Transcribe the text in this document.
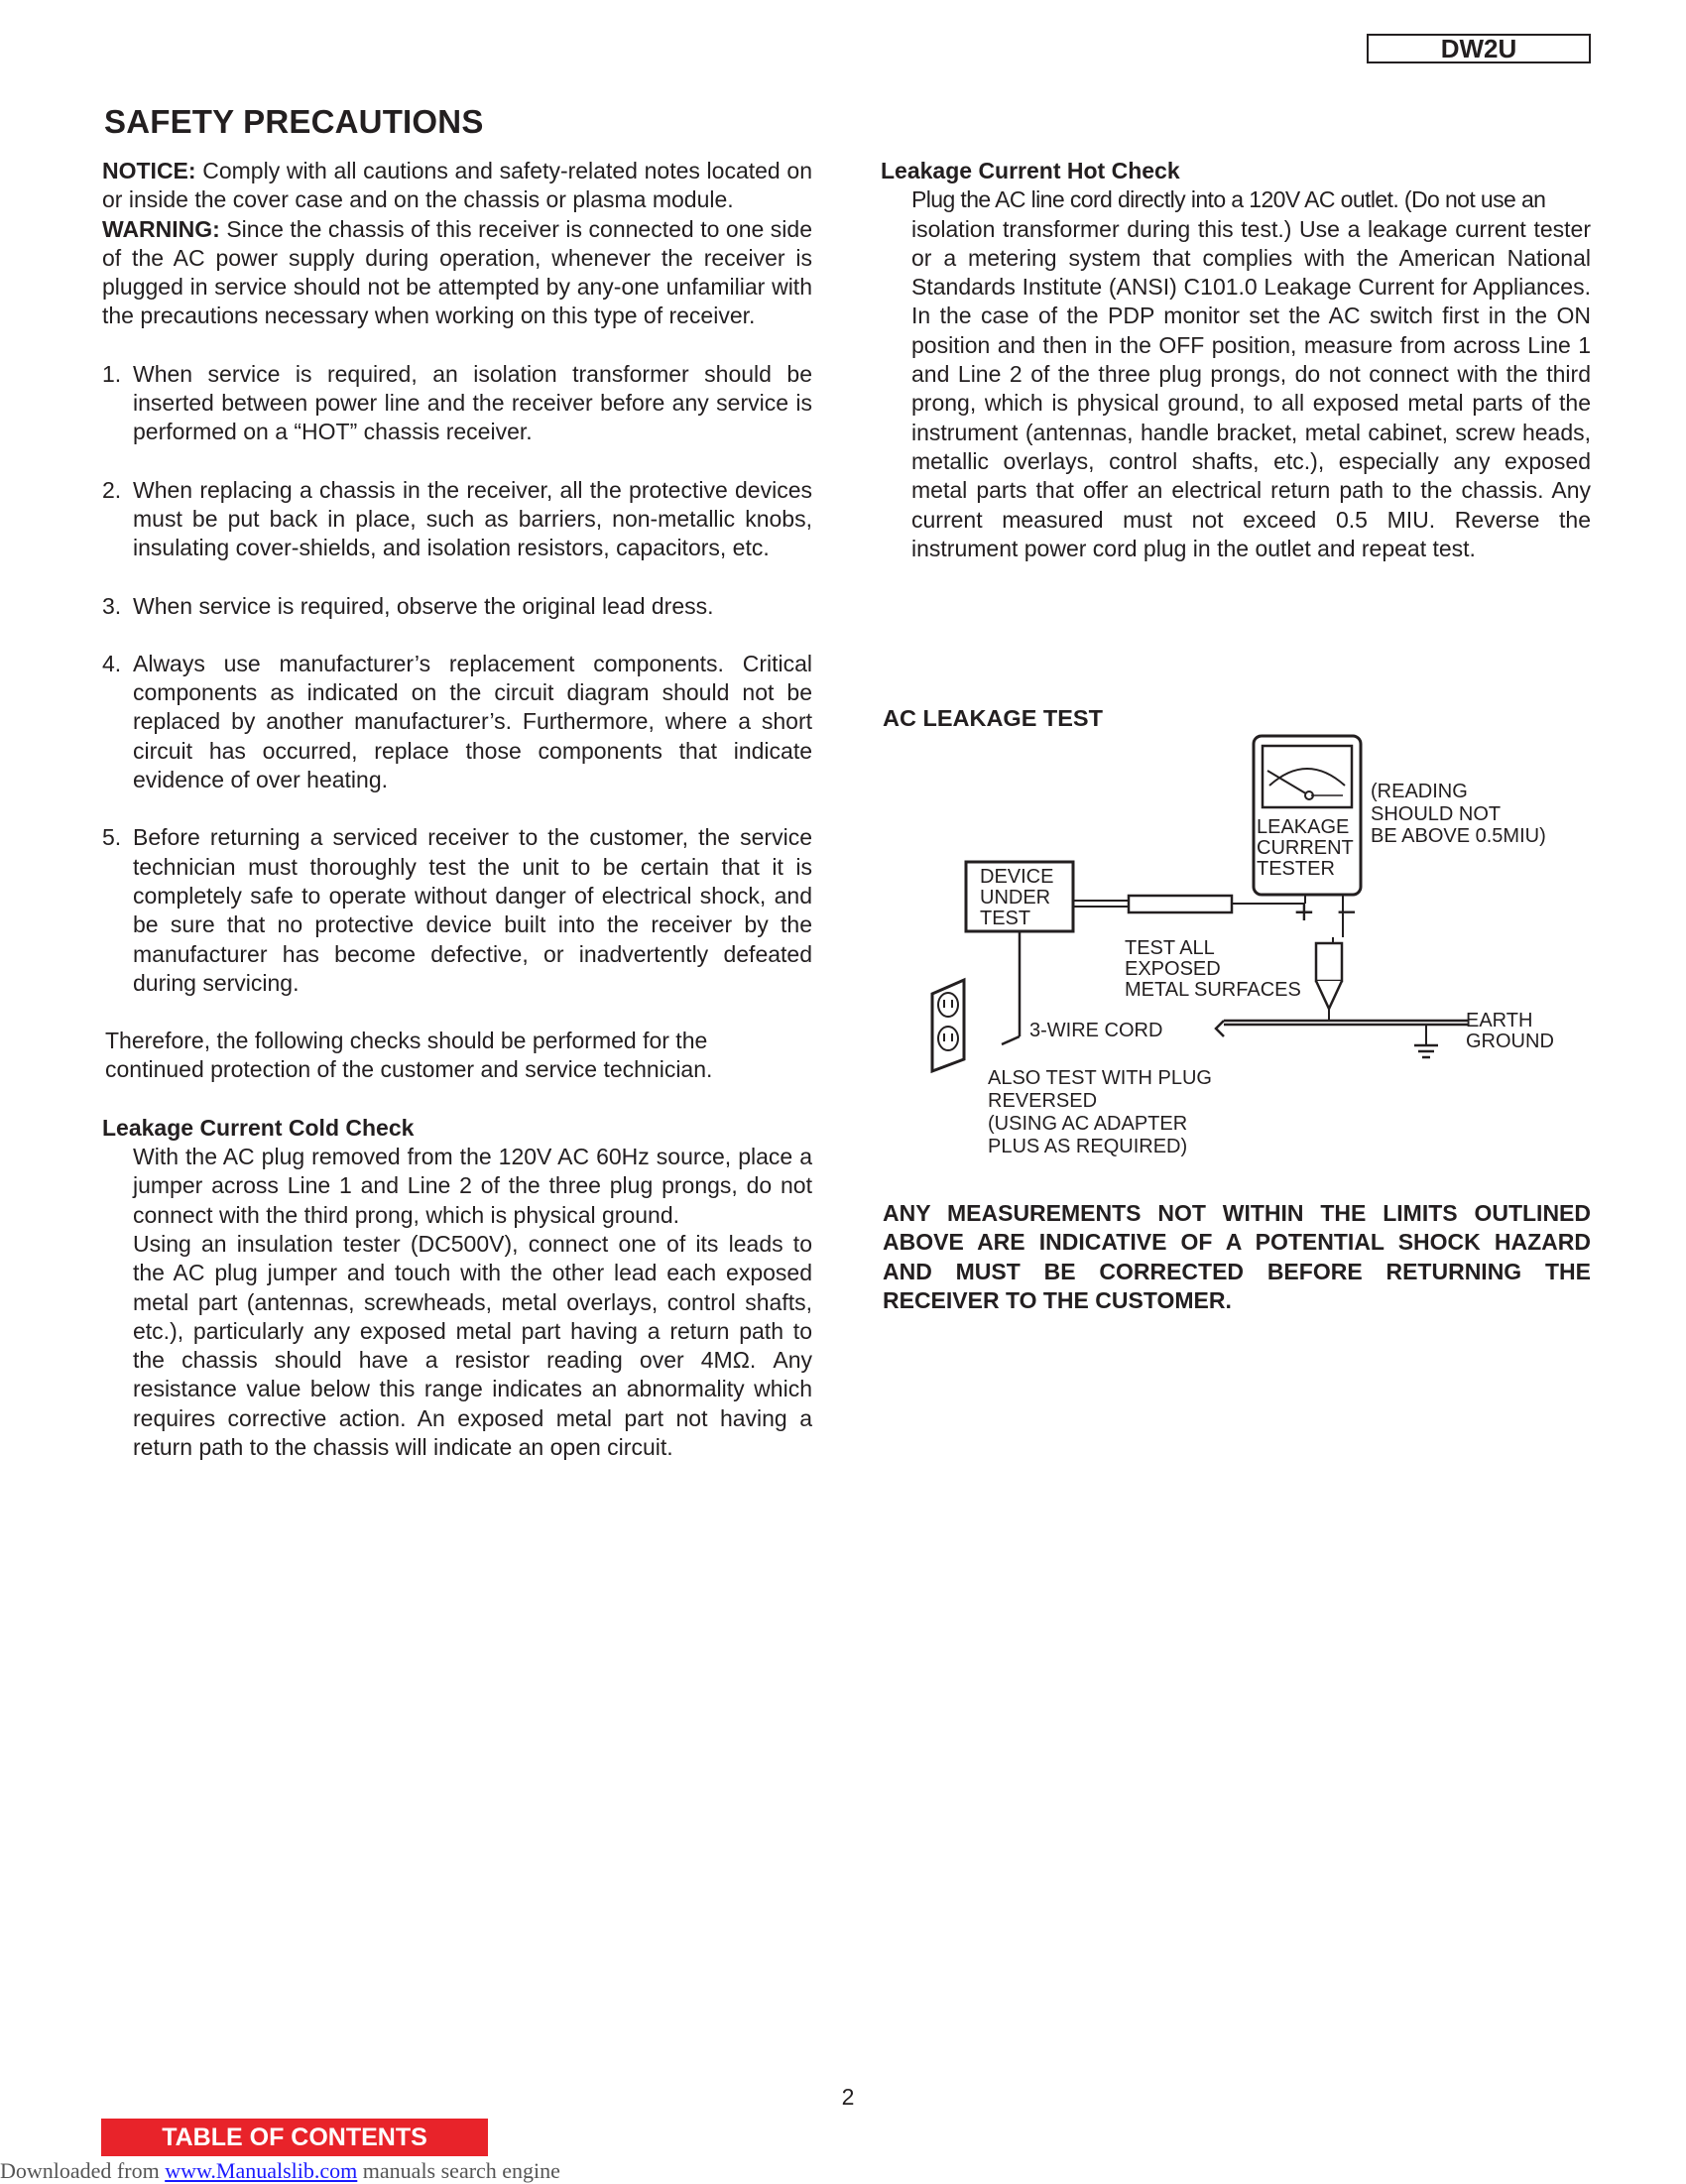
DW2U
SAFETY PRECAUTIONS

NOTICE: Comply with all cautions and safety-related notes located on or inside the cover case and on the chassis or plasma module.

WARNING: Since the chassis of this receiver is connected to one side of the AC power supply during operation, whenever the receiver is plugged in service should not be attempted by any-one unfamiliar with the precautions necessary when working on this type of receiver.

1. When service is required, an isolation transformer should be inserted between power line and the receiver before any service is performed on a “HOT” chassis receiver.
2. When replacing a chassis in the receiver, all the protective devices must be put back in place, such as barriers, non-metallic knobs, insulating cover-shields, and isolation resistors, capacitors, etc.
3. When service is required, observe the original lead dress.
4. Always use manufacturer’s replacement components. Critical components as indicated on the circuit diagram should not be replaced by another manufacturer’s. Furthermore, where a short circuit has occurred, replace those components that indicate evidence of over heating.
5. Before returning a serviced receiver to the customer, the service technician must thoroughly test the unit to be certain that it is completely safe to operate without danger of electrical shock, and be sure that no protective device built into the receiver by the manufacturer has become defective, or inadvertently defeated during servicing.

Therefore, the following checks should be performed for the continued protection of the customer and service technician.

Leakage Current Cold Check

With the AC plug removed from the 120V AC 60Hz source, place a jumper across Line 1 and Line 2 of the three plug prongs, do not connect with the third prong, which is physical ground.

Using an insulation tester (DC500V), connect one of its leads to the AC plug jumper and touch with the other lead each exposed metal part (antennas, screwheads, metal overlays, control shafts, etc.), particularly any exposed metal part having a return path to the chassis should have a resistor reading over 4MΩ. Any resistance value below this range indicates an abnormality which requires corrective action. An exposed metal part not having a return path to the chassis will indicate an open circuit.

Leakage Current Hot Check
Plug the AC line cord directly into a 120V AC outlet. (Do not use an
isolation transformer during this test.) Use a leakage current tester or a metering system that complies with the American National Standards Institute (ANSI) C101.0 Leakage Current for Appliances. In the case of the PDP monitor set the AC switch first in the ON position and then in the OFF position, measure from across Line 1 and Line 2 of the three plug prongs, do not connect with the third prong, which is physical ground, to all exposed metal parts of the instrument (antennas, handle bracket, metal cabinet, screw heads, metallic overlays, control shafts, etc.), especially any exposed metal parts that offer an electrical return path to the chassis. Any current measured must not exceed 0.5 MIU. Reverse the instrument power cord plug in the outlet and repeat test.
AC LEAKAGE TEST
LEAKAGE
CURRENT
TESTER
(READING
SHOULD NOT
BE ABOVE 0.5MIU)
+ −
DEVICE
UNDER
TEST
TEST ALL
EXPOSED
METAL SURFACES
EARTH
GROUND
3-WIRE CORD
ALSO TEST WITH PLUG
REVERSED
(USING AC ADAPTER
PLUS AS REQUIRED)
ANY MEASUREMENTS NOT WITHIN THE LIMITS OUTLINED ABOVE ARE INDICATIVE OF A POTENTIAL SHOCK HAZARD AND MUST BE CORRECTED BEFORE RETURNING THE RECEIVER TO THE CUSTOMER.
2
TABLE OF CONTENTS
Downloaded from www.Manualslib.com manuals search engine
